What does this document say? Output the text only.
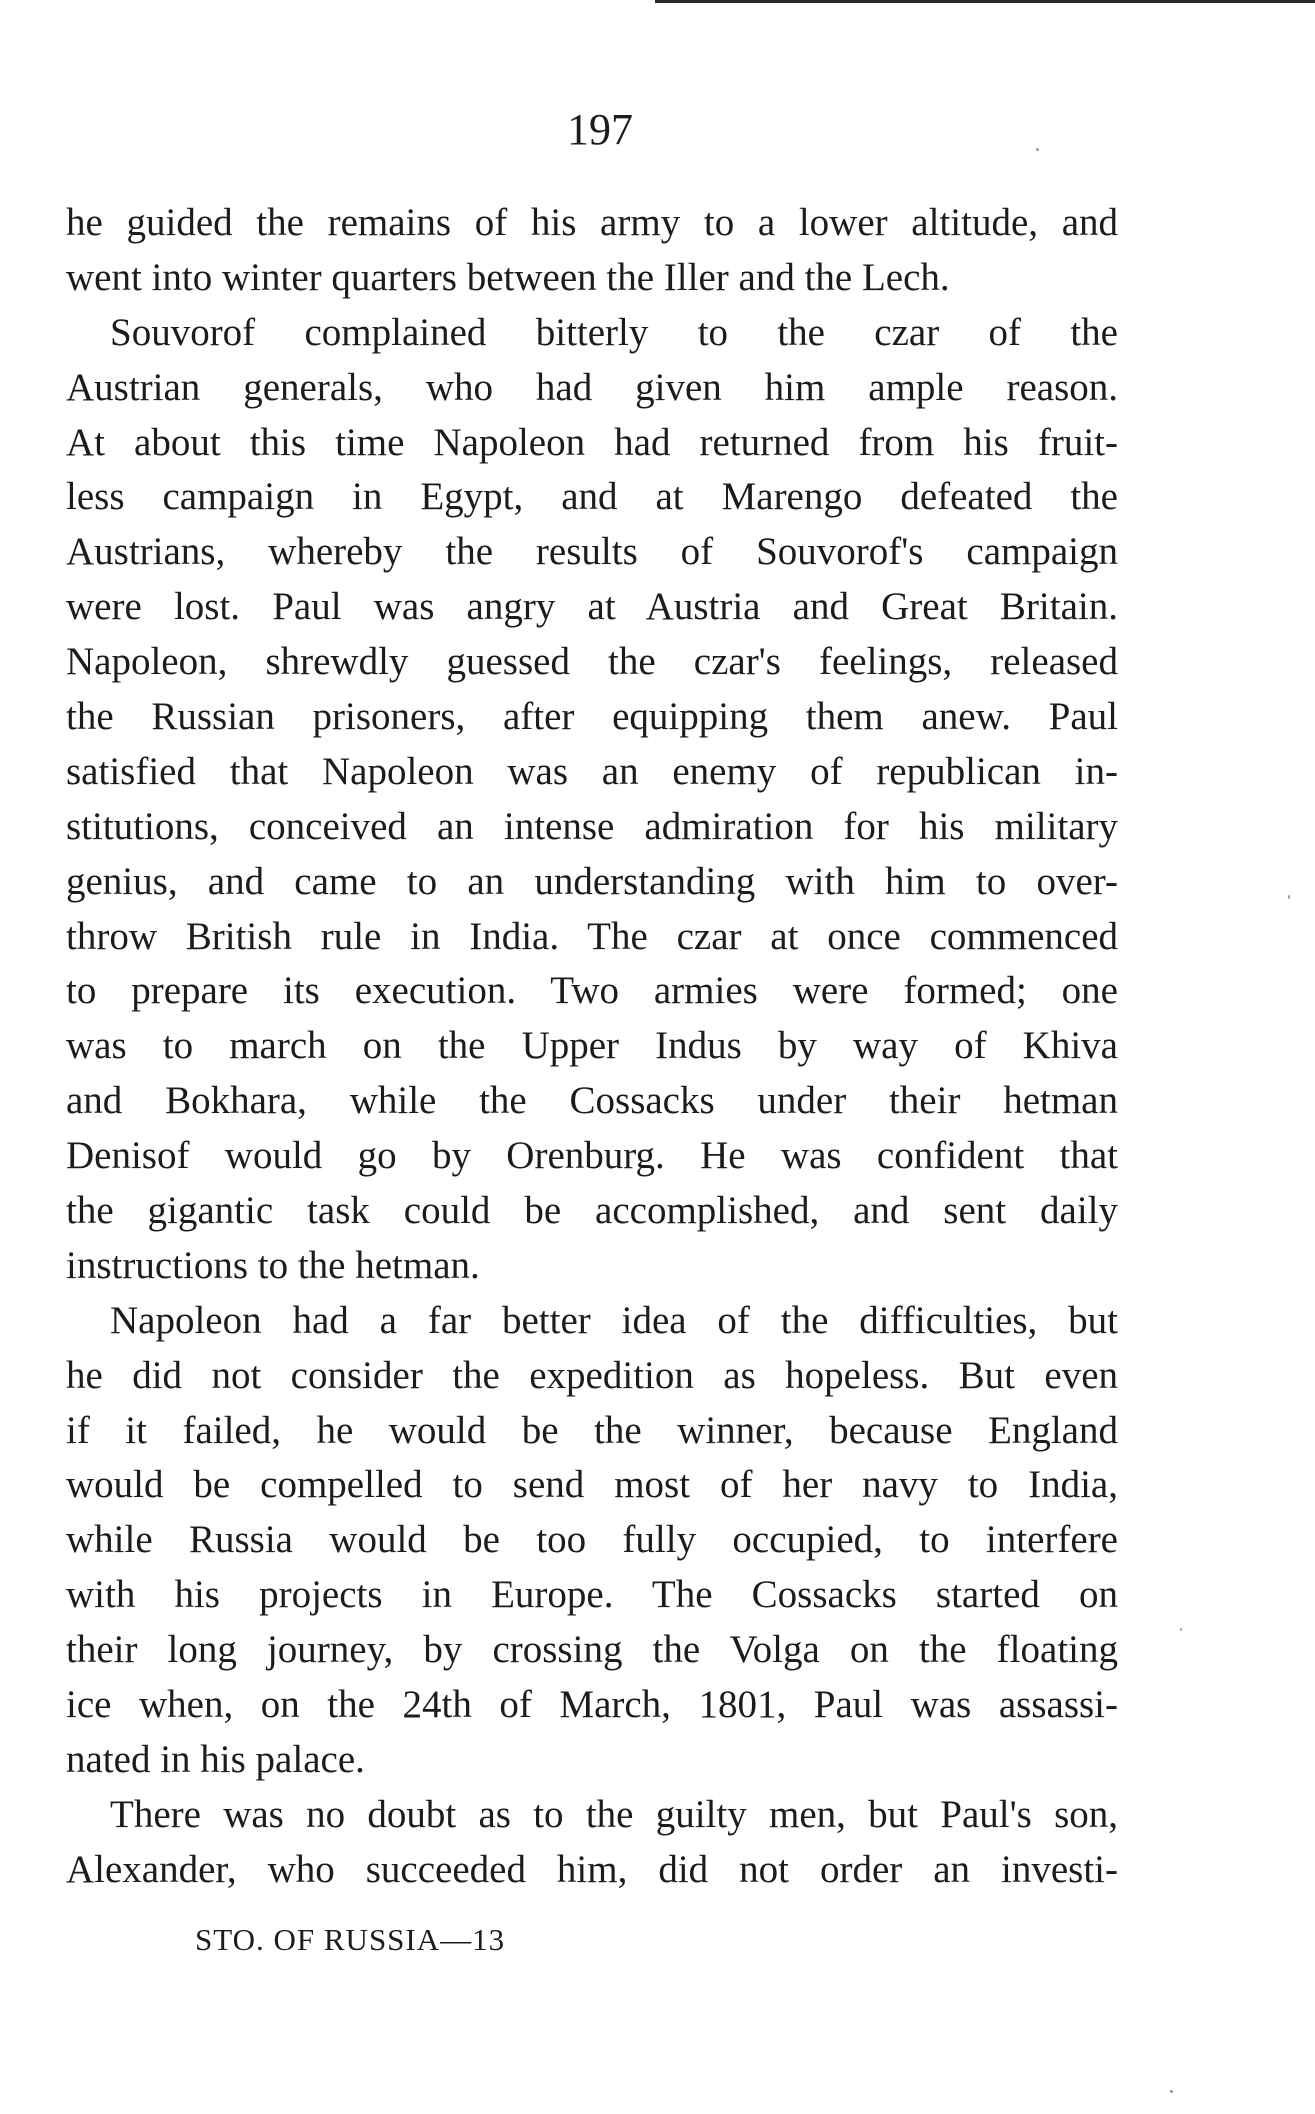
197
he guided the remains of his army to a lower altitude, and
went into winter quarters between the Iller and the Lech.
Souvorof complained bitterly to the czar of the
Austrian generals, who had given him ample reason.
At about this time Napoleon had returned from his fruit-
less campaign in Egypt, and at Marengo defeated the
Austrians, whereby the results of Souvorof's campaign
were lost. Paul was angry at Austria and Great Britain.
Napoleon, shrewdly guessed the czar's feelings, released
the Russian prisoners, after equipping them anew. Paul
satisfied that Napoleon was an enemy of republican in-
stitutions, conceived an intense admiration for his military
genius, and came to an understanding with him to over-
throw British rule in India. The czar at once commenced
to prepare its execution. Two armies were formed; one
was to march on the Upper Indus by way of Khiva
and Bokhara, while the Cossacks under their hetman
Denisof would go by Orenburg. He was confident that
the gigantic task could be accomplished, and sent daily
instructions to the hetman.
Napoleon had a far better idea of the difficulties, but
he did not consider the expedition as hopeless. But even
if it failed, he would be the winner, because England
would be compelled to send most of her navy to India,
while Russia would be too fully occupied, to interfere
with his projects in Europe. The Cossacks started on
their long journey, by crossing the Volga on the floating
ice when, on the 24th of March, 1801, Paul was assassi-
nated in his palace.
There was no doubt as to the guilty men, but Paul's son,
Alexander, who succeeded him, did not order an investi-
STO. OF RUSSIA—13
